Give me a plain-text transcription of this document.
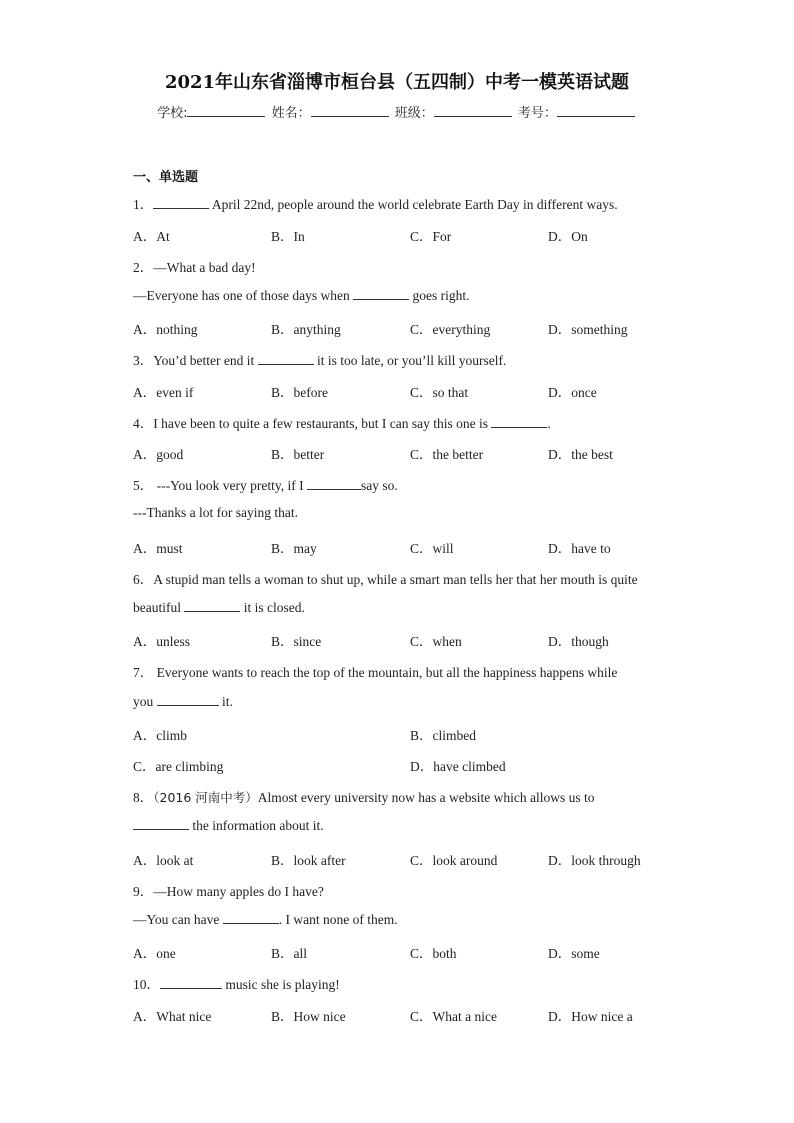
2021年山东省淄博市桓台县（五四制）中考一模英语试题
学校:	姓名：	班级：	考号：
一、单选题
1．	April 22nd, people around the world celebrate Earth Day in different ways.
A．At	B．In	C．For	D．On
2．—What a bad day!
—Everyone has one of those days when	goes right.
A．nothing	B．anything	C．everything	D．something
3．You’d better end it	it is too late, or you’ll kill yourself.
A．even if	B．before	C．so that	D．once
4．I have been to quite a few restaurants, but I can say this one is	.
A．good	B．better	C．the better	D．the best
5． ---You look very pretty, if I	say so.
---Thanks a lot for saying that.
A．must	B．may	C．will	D．have to
6．A stupid man tells a woman to shut up, while a smart man tells her that her mouth is quite
beautiful	it is closed.
A．unless	B．since	C．when	D．though
7． Everyone wants to reach the top of the mountain, but all the happiness happens while
you	it.
A．climb	B．climbed
C．are climbing	D．have climbed
8．（2016 河南中考）Almost every university now has a website which allows us to
the information about it.
A．look at	B．look after	C．look around	D．look through
9．—How many apples do I have?
—You can have	. I want none of them.
A．one	B．all	C．both	D．some
10．	music she is playing!
A．What nice	B．How nice	C．What a nice	D．How nice a
